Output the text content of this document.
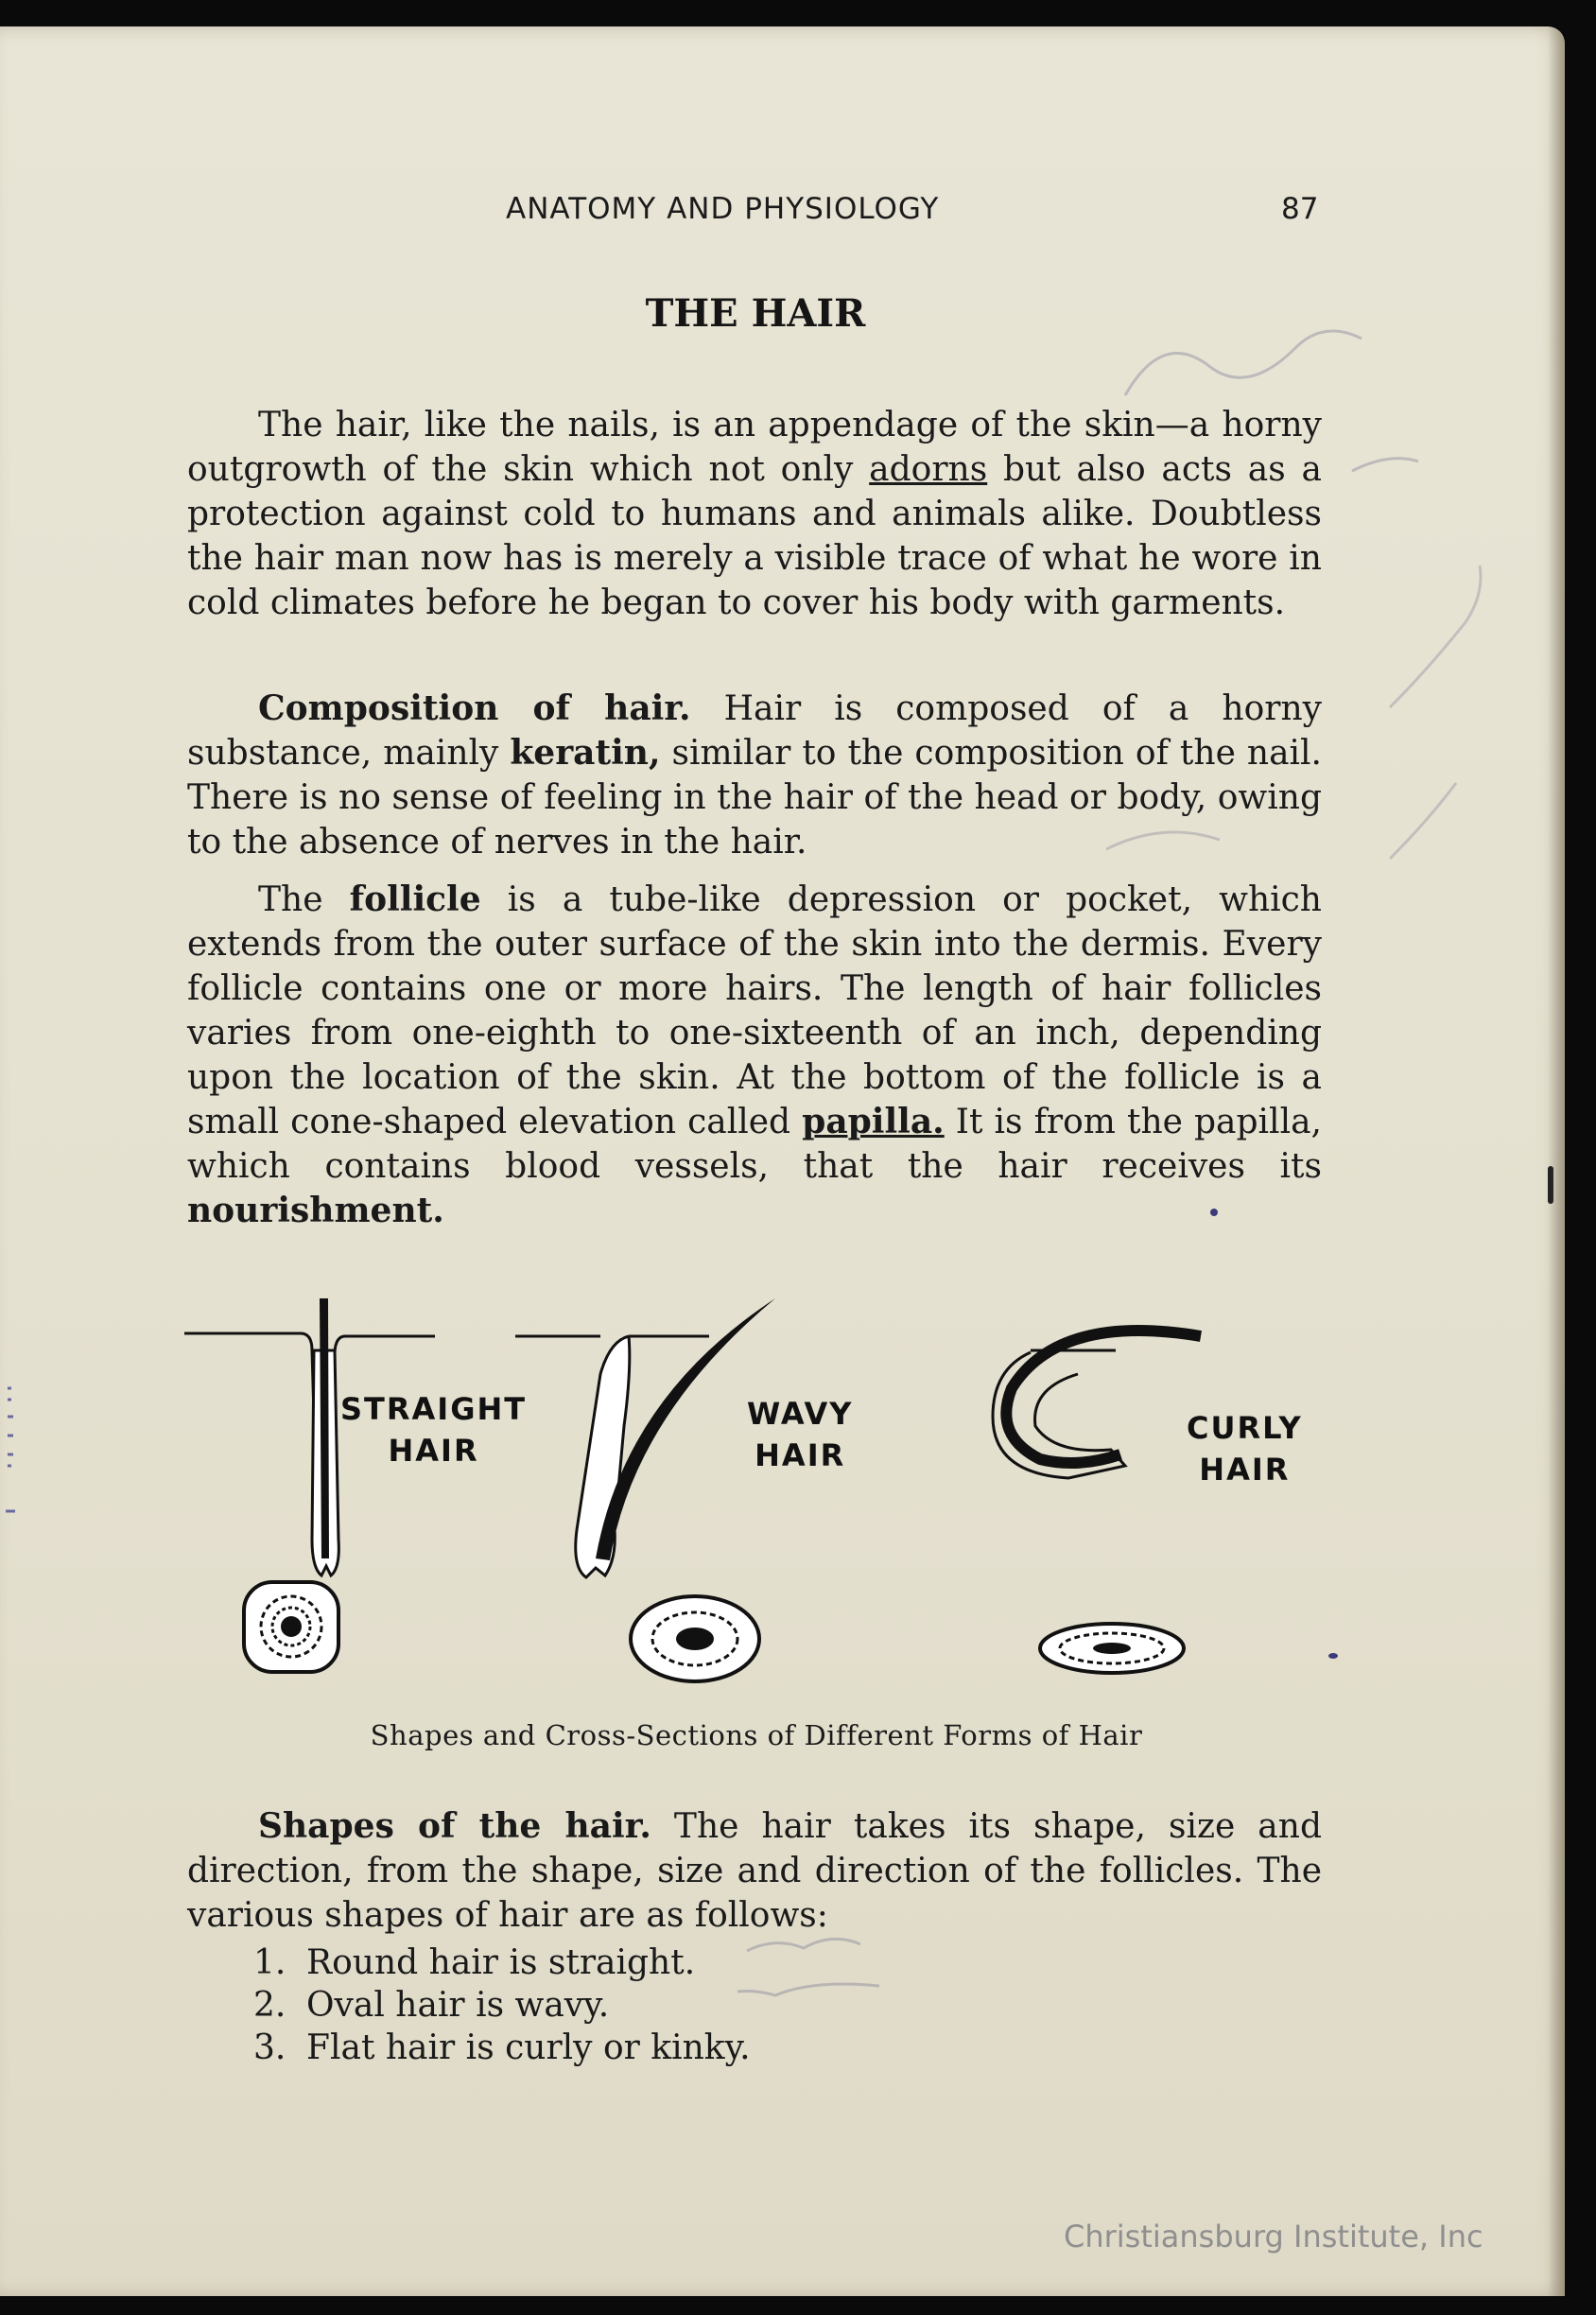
ANATOMY AND PHYSIOLOGY	87
THE HAIR

The hair, like the nails, is an appendage of the skin—a horny outgrowth of the skin which not only adorns but also acts as a protection against cold to humans and animals alike. Doubtless the hair man now has is merely a visible trace of what he wore in cold climates before he began to cover his body with garments.

Composition of hair. Hair is composed of a horny substance, mainly keratin, similar to the composition of the nail. There is no sense of feeling in the hair of the head or body, owing to the absence of nerves in the hair.

The follicle is a tube-like depression or pocket, which extends from the outer surface of the skin into the dermis. Every follicle contains one or more hairs. The length of hair follicles varies from one-eighth to one-sixteenth of an inch, depending upon the location of the skin. At the bottom of the follicle is a small cone-shaped elevation called papilla. It is from the papilla, which contains blood vessels, that the hair receives its nourishment.

STRAIGHT
HAIR
WAVY
HAIR
CURLY
HAIR
Shapes and Cross-Sections of Different Forms of Hair

Shapes of the hair. The hair takes its shape, size and direction, from the shape, size and direction of the follicles. The various shapes of hair are as follows:

1. Round hair is straight.
2. Oval hair is wavy.
3. Flat hair is curly or kinky.
Christiansburg Institute, Inc
